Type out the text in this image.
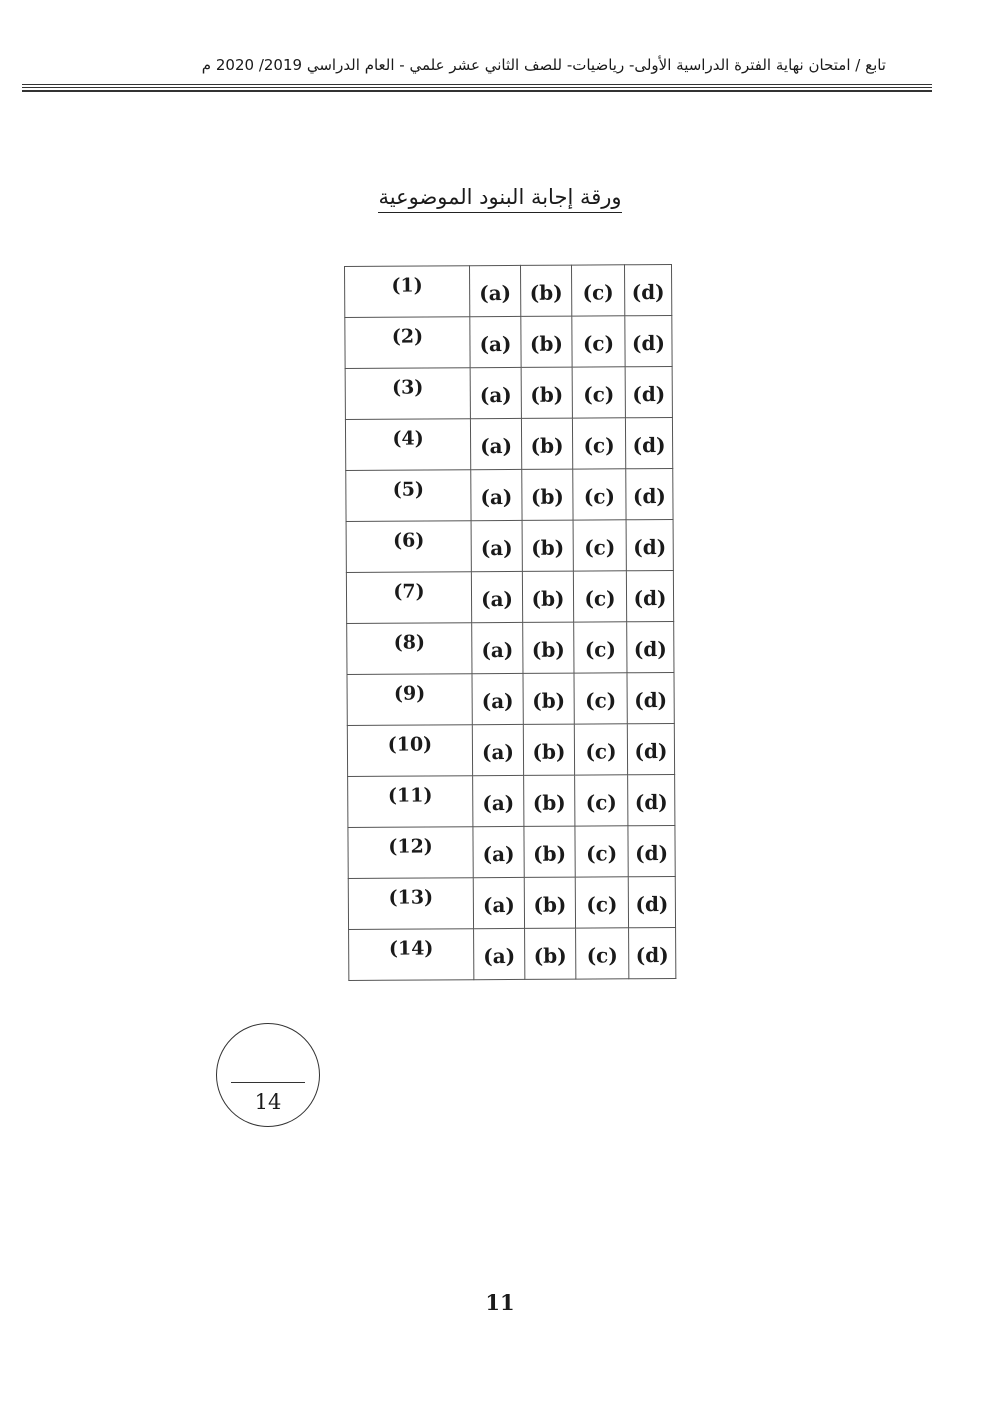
تابع / امتحان نهاية الفترة الدراسية الأولى- رياضيات- للصف الثاني عشر علمي - العام الدراسي 2019/ 2020 م
ورقة إجابة البنود الموضوعية
(1)	(a)	(b)	(c)	(d)
(2)	(a)	(b)	(c)	(d)
(3)	(a)	(b)	(c)	(d)
(4)	(a)	(b)	(c)	(d)
(5)	(a)	(b)	(c)	(d)
(6)	(a)	(b)	(c)	(d)
(7)	(a)	(b)	(c)	(d)
(8)	(a)	(b)	(c)	(d)
(9)	(a)	(b)	(c)	(d)
(10)	(a)	(b)	(c)	(d)
(11)	(a)	(b)	(c)	(d)
(12)	(a)	(b)	(c)	(d)
(13)	(a)	(b)	(c)	(d)
(14)	(a)	(b)	(c)	(d)
14
11
